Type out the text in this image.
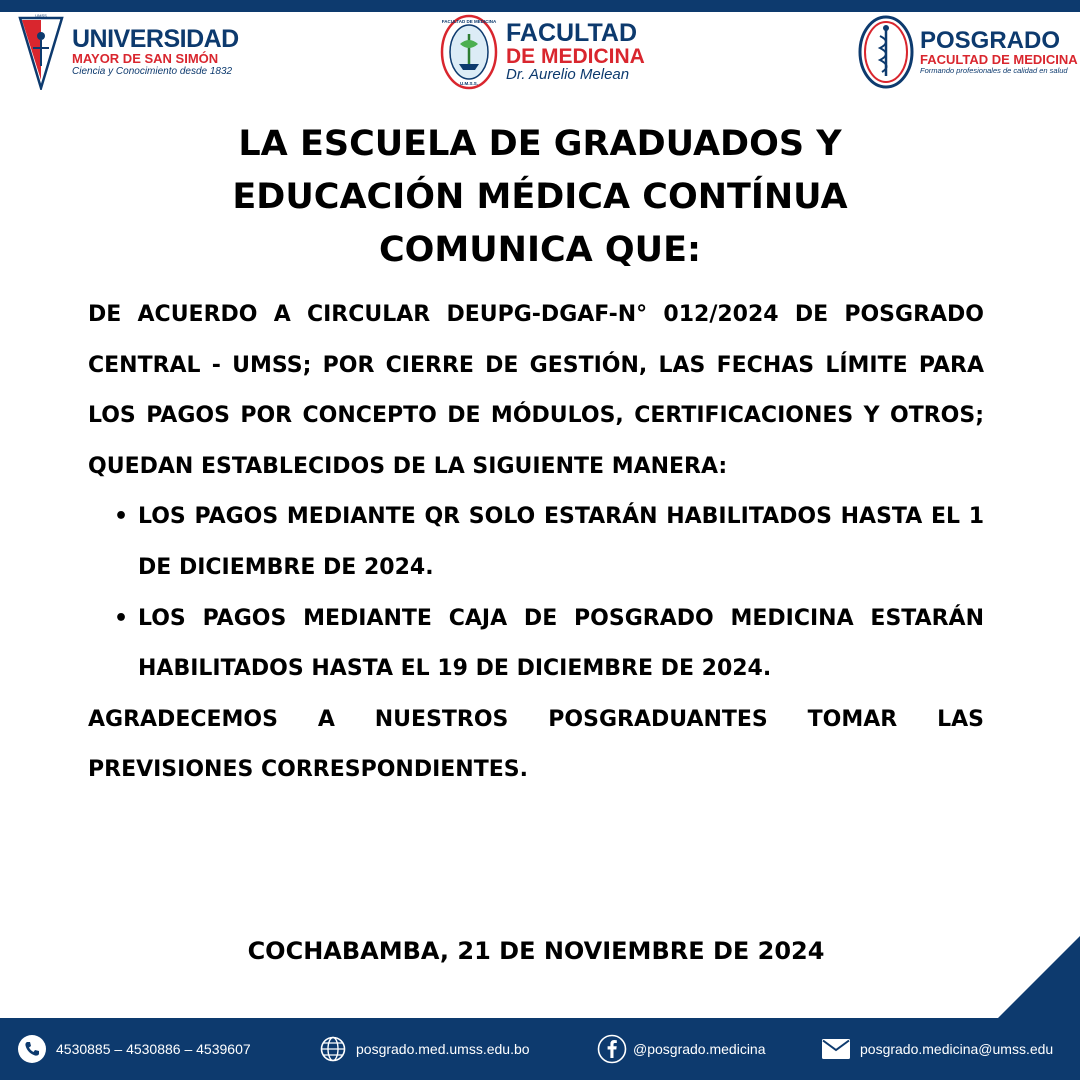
UMSS
UNIVERSIDAD
MAYOR DE SAN SIMÓN
Ciencia y Conocimiento desde 1832
FACULTAD DE MEDICINA
U.M.S.S.
FACULTAD
DE MEDICINA
Dr. Aurelio Melean
POSGRADO
FACULTAD DE MEDICINA
Formando profesionales de calidad en salud
LA ESCUELA DE GRADUADOS Y
EDUCACIÓN MÉDICA CONTÍNUA
COMUNICA QUE:

DE ACUERDO A CIRCULAR DEUPG-DGAF-N° 012/2024 DE POSGRADO CENTRAL - UMSS; POR CIERRE DE GESTIÓN, LAS FECHAS LÍMITE PARA LOS PAGOS POR CONCEPTO DE MÓDULOS, CERTIFICACIONES Y OTROS; QUEDAN ESTABLECIDOS DE LA SIGUIENTE MANERA:

• LOS PAGOS MEDIANTE QR SOLO ESTARÁN HABILITADOS HASTA EL 1 DE DICIEMBRE DE 2024.
• LOS PAGOS MEDIANTE CAJA DE POSGRADO MEDICINA ESTARÁN HABILITADOS HASTA EL 19 DE DICIEMBRE DE 2024.

AGRADECEMOS A NUESTROS POSGRADUANTES TOMAR LAS PREVISIONES CORRESPONDIENTES.

COCHABAMBA, 21 DE NOVIEMBRE DE 2024
4530885 – 4530886 – 4539607	posgrado.med.umss.edu.bo	@posgrado.medicina	posgrado.medicina@umss.edu
